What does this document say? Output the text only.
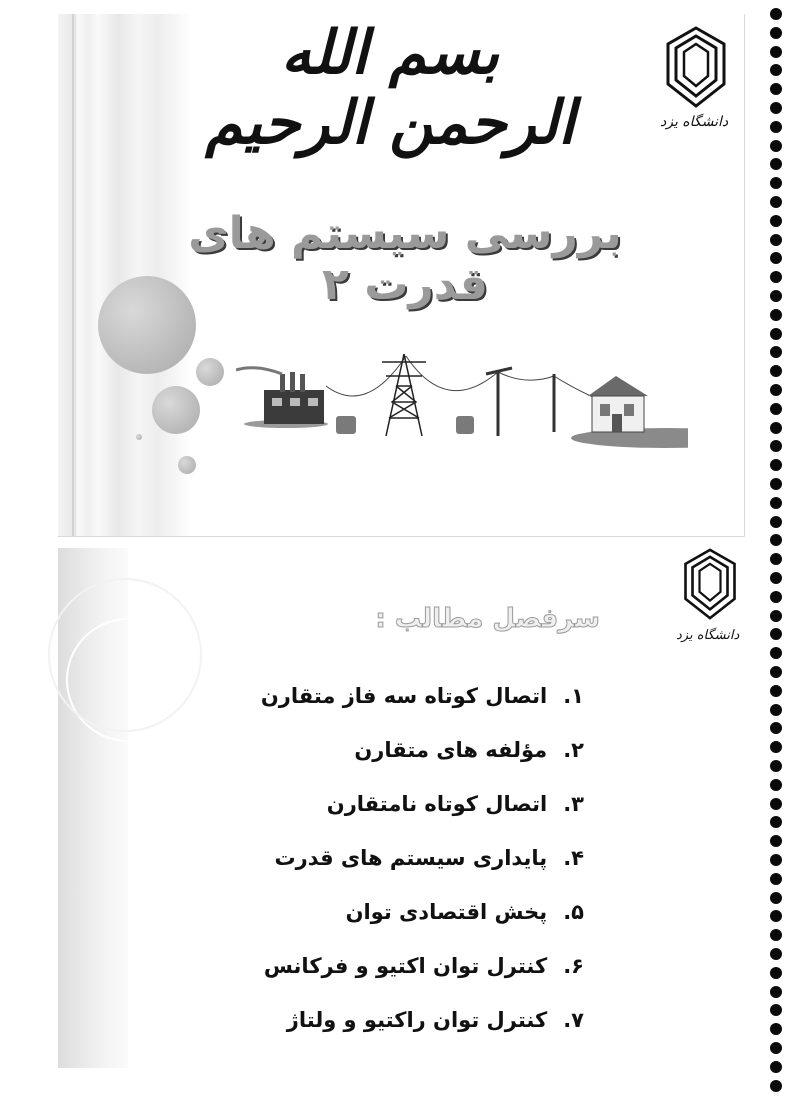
بسم الله الرحمن الرحیم	دانشگاه یزد
بررسی سیستم های قدرت ۲
دانشگاه یزد
سرفصل مطالب :
۱.اتصال کوتاه سه فاز متقارن
۲.مؤلفه های متقارن
۳.اتصال کوتاه نامتقارن
۴.پایداری سیستم های قدرت
۵.پخش اقتصادی توان
۶.کنترل توان اکتیو و فرکانس
۷.کنترل توان راکتیو و ولتاژ
